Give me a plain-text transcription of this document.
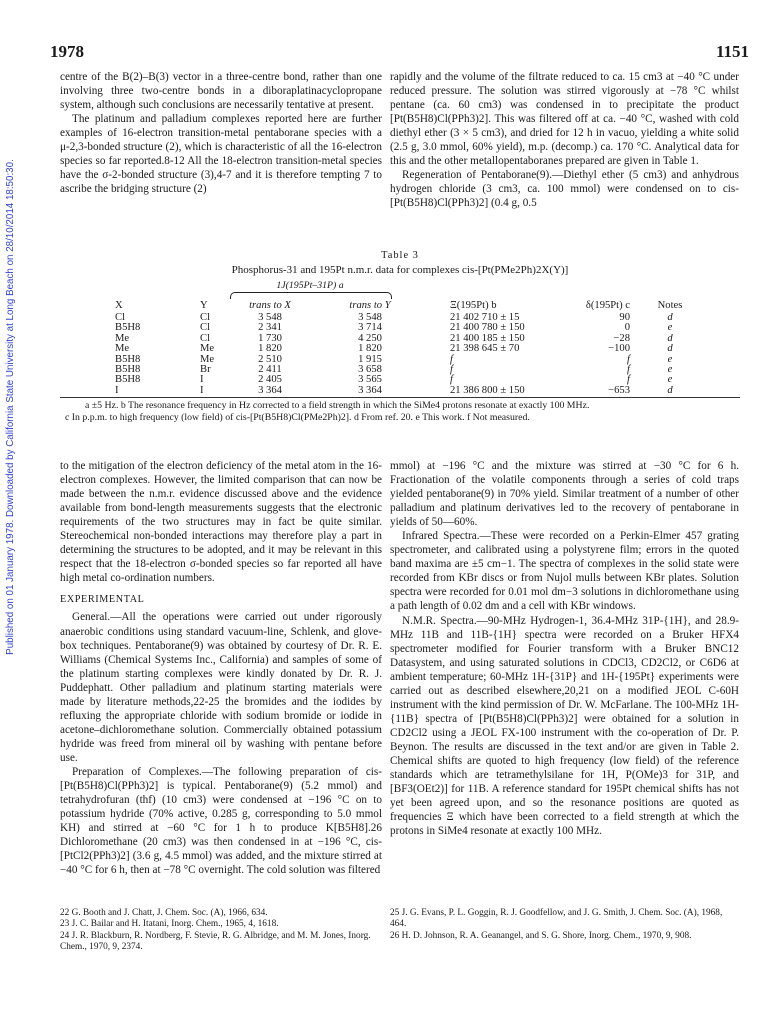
1978	1151
Published on 01 January 1978. Downloaded by California State University at Long Beach on 28/10/2014 18:50:30.

centre of the B(2)–B(3) vector in a three-centre bond, rather than one involving three two-centre bonds in a diboraplatinacyclopropane system, although such conclusions are necessarily tentative at present.

The platinum and palladium complexes reported here are further examples of 16-electron transition-metal pentaborane species with a μ-2,3-bonded structure (2), which is characteristic of all the 16-electron species so far reported.8-12 All the 18-electron transition-metal species have the σ-2-bonded structure (3),4-7 and it is therefore tempting 7 to ascribe the bridging structure (2)

rapidly and the volume of the filtrate reduced to ca. 15 cm3 at −40 °C under reduced pressure. The solution was stirred vigorously at −78 °C whilst pentane (ca. 60 cm3) was condensed in to precipitate the product [Pt(B5H8)Cl(PPh3)2]. This was filtered off at ca. −40 °C, washed with cold diethyl ether (3 × 5 cm3), and dried for 12 h in vacuo, yielding a white solid (2.5 g, 3.0 mmol, 60% yield), m.p. (decomp.) ca. 170 °C. Analytical data for this and the other metallopentaboranes prepared are given in Table 1.

Regeneration of Pentaborane(9).—Diethyl ether (5 cm3) and anhydrous hydrogen chloride (3 cm3, ca. 100 mmol) were condensed on to cis-[Pt(B5H8)Cl(PPh3)2] (0.4 g, 0.5

Table 3
Phosphorus-31 and 195Pt n.m.r. data for complexes cis-[Pt(PMe2Ph)2X(Y)]
1J(195Pt–31P) a
X	Y	trans to X	trans to Y	Ξ(195Pt) b	δ(195Pt) c	Notes
Cl	Cl	3 548	3 548	21 402 710 ± 15	90	d
B5H8	Cl	2 341	3 714	21 400 780 ± 150	0	e
Me	Cl	1 730	4 250	21 400 185 ± 150	−28	d
Me	Me	1 820	1 820	21 398 645 ± 70	−100	d
B5H8	Me	2 510	1 915	f	f	e
B5H8	Br	2 411	3 658	f	f	e
B5H8	I	2 405	3 565	f	f	e
I	I	3 364	3 364	21 386 800 ± 150	−653	d
a ±5 Hz. b The resonance frequency in Hz corrected to a field strength in which the SiMe4 protons resonate at exactly 100 MHz.
c In p.p.m. to high frequency (low field) of cis-[Pt(B5H8)Cl(PMe2Ph)2]. d From ref. 20. e This work. f Not measured.

to the mitigation of the electron deficiency of the metal atom in the 16-electron complexes. However, the limited comparison that can now be made between the n.m.r. evidence discussed above and the evidence available from bond-length measurements suggests that the electronic requirements of the two structures may in fact be quite similar. Stereochemical non-bonded interactions may therefore play a part in determining the structures to be adopted, and it may be relevant in this respect that the 18-electron σ-bonded species so far reported all have high metal co-ordination numbers.

EXPERIMENTAL

General.—All the operations were carried out under rigorously anaerobic conditions using standard vacuum-line, Schlenk, and glove-box techniques. Pentaborane(9) was obtained by courtesy of Dr. R. E. Williams (Chemical Systems Inc., California) and samples of some of the platinum starting complexes were kindly donated by Dr. R. J. Puddephatt. Other palladium and platinum starting materials were made by literature methods,22-25 the bromides and the iodides by refluxing the appropriate chloride with sodium bromide or iodide in acetone–dichloromethane solution. Commercially obtained potassium hydride was freed from mineral oil by washing with pentane before use.

Preparation of Complexes.—The following preparation of cis-[Pt(B5H8)Cl(PPh3)2] is typical. Pentaborane(9) (5.2 mmol) and tetrahydrofuran (thf) (10 cm3) were condensed at −196 °C on to potassium hydride (70% active, 0.285 g, corresponding to 5.0 mmol KH) and stirred at −60 °C for 1 h to produce K[B5H8].26 Dichloromethane (20 cm3) was then condensed in at −196 °C, cis-[PtCl2(PPh3)2] (3.6 g, 4.5 mmol) was added, and the mixture stirred at −40 °C for 6 h, then at −78 °C overnight. The cold solution was filtered

mmol) at −196 °C and the mixture was stirred at −30 °C for 6 h. Fractionation of the volatile components through a series of cold traps yielded pentaborane(9) in 70% yield. Similar treatment of a number of other palladium and platinum derivatives led to the recovery of pentaborane in yields of 50—60%.

Infrared Spectra.—These were recorded on a Perkin-Elmer 457 grating spectrometer, and calibrated using a polystyrene film; errors in the quoted band maxima are ±5 cm−1. The spectra of complexes in the solid state were recorded from KBr discs or from Nujol mulls between KBr plates. Solution spectra were recorded for 0.01 mol dm−3 solutions in dichloromethane using a path length of 0.02 dm and a cell with KBr windows.

N.M.R. Spectra.—90-MHz Hydrogen-1, 36.4-MHz 31P-{1H}, and 28.9-MHz 11B and 11B-{1H} spectra were recorded on a Bruker HFX4 spectrometer modified for Fourier transform with a Bruker BNC12 Datasystem, and using saturated solutions in CDCl3, CD2Cl2, or C6D6 at ambient temperature; 60-MHz 1H-{31P} and 1H-{195Pt} experiments were carried out as described elsewhere,20,21 on a modified JEOL C-60H instrument with the kind permission of Dr. W. McFarlane. The 100-MHz 1H-{11B} spectra of [Pt(B5H8)Cl(PPh3)2] were obtained for a solution in CD2Cl2 using a JEOL FX-100 instrument with the co-operation of Dr. P. Beynon. The results are discussed in the text and/or are given in Table 2. Chemical shifts are quoted to high frequency (low field) of the reference standards which are tetramethylsilane for 1H, P(OMe)3 for 31P, and [BF3(OEt2)] for 11B. A reference standard for 195Pt chemical shifts has not yet been agreed upon, and so the resonance positions are quoted as frequencies Ξ which have been corrected to a field strength at which the protons in SiMe4 resonate at exactly 100 MHz.

22 G. Booth and J. Chatt, J. Chem. Soc. (A), 1966, 634.
23 J. C. Bailar and H. Itatani, Inorg. Chem., 1965, 4, 1618.
24 J. R. Blackburn, R. Nordberg, F. Stevie, R. G. Albridge, and M. M. Jones, Inorg. Chem., 1970, 9, 2374.
25 J. G. Evans, P. L. Goggin, R. J. Goodfellow, and J. G. Smith, J. Chem. Soc. (A), 1968, 464.
26 H. D. Johnson, R. A. Geanangel, and S. G. Shore, Inorg. Chem., 1970, 9, 908.
